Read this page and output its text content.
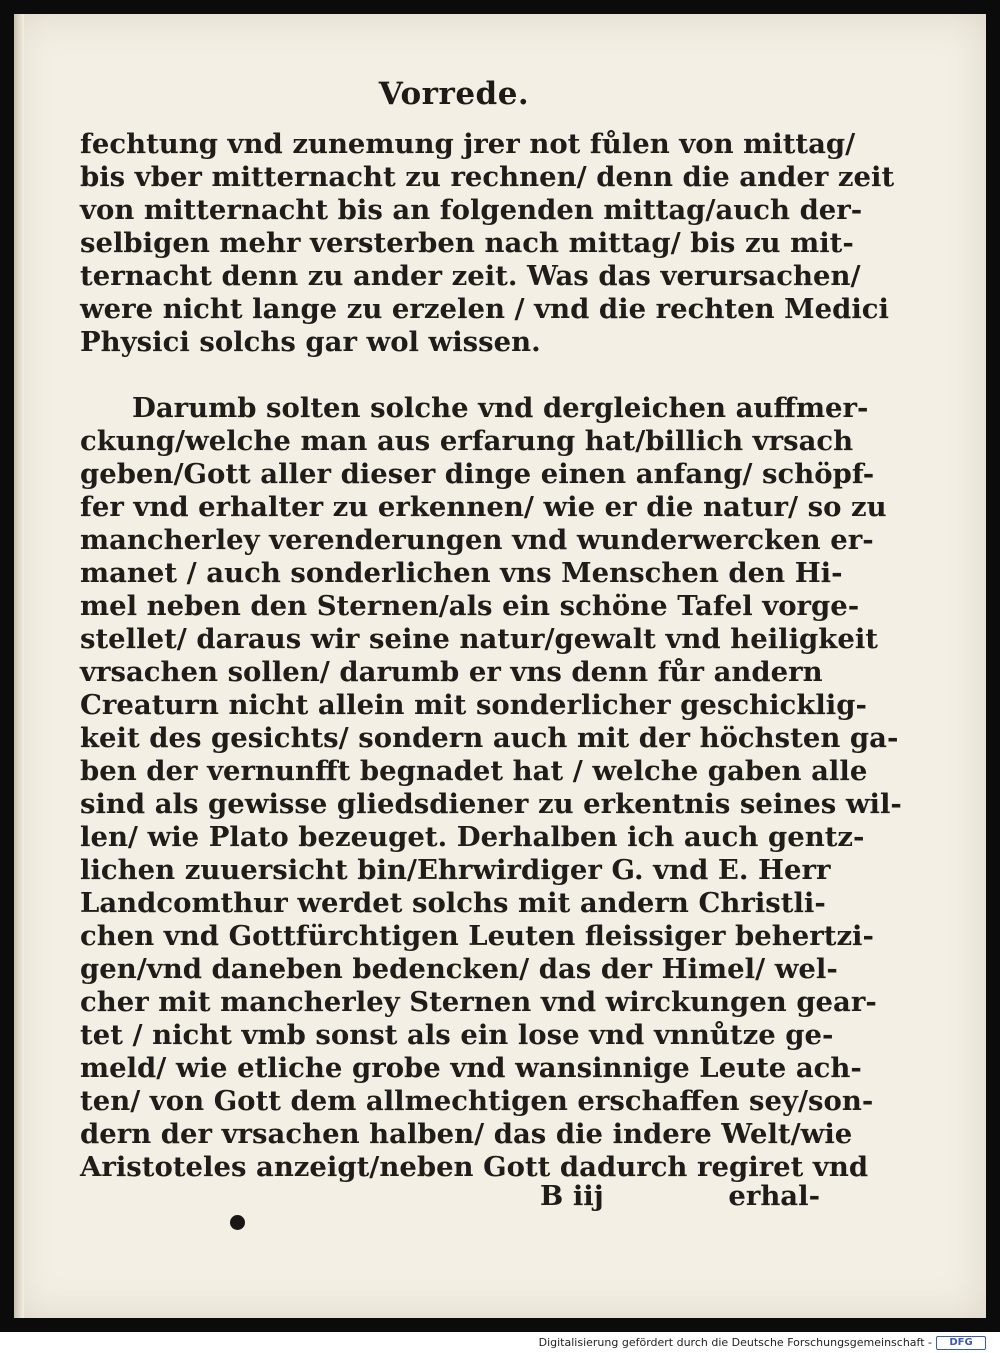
Vorrede.
fechtung vnd zunemung jrer not fůlen von mittag/
bis vber mitternacht zu rechnen/ denn die ander zeit
von mitternacht bis an folgenden mittag/auch der-
selbigen mehr versterben nach mittag/ bis zu mit-
ternacht denn zu ander zeit. Was das verursachen/
were nicht lange zu erzelen / vnd die rechten Medici
Physici solchs gar wol wissen.
Darumb solten solche vnd dergleichen auffmer-
ckung/welche man aus erfarung hat/billich vrsach
geben/Gott aller dieser dinge einen anfang/ schöpf-
fer vnd erhalter zu erkennen/ wie er die natur/ so zu
mancherley verenderungen vnd wunderwercken er-
manet / auch sonderlichen vns Menschen den Hi-
mel neben den Sternen/als ein schöne Tafel vorge-
stellet/ daraus wir seine natur/gewalt vnd heiligkeit
vrsachen sollen/ darumb er vns denn fůr andern
Creaturn nicht allein mit sonderlicher geschicklig-
keit des gesichts/ sondern auch mit der höchsten ga-
ben der vernunfft begnadet hat / welche gaben alle
sind als gewisse gliedsdiener zu erkentnis seines wil-
len/ wie Plato bezeuget. Derhalben ich auch gentz-
lichen zuuersicht bin/Ehrwirdiger G. vnd E. Herr
Landcomthur werdet solchs mit andern Christli-
chen vnd Gottfürchtigen Leuten fleissiger behertzi-
gen/vnd daneben bedencken/ das der Himel/ wel-
cher mit mancherley Sternen vnd wirckungen gear-
tet / nicht vmb sonst als ein lose vnd vnnůtze ge-
meld/ wie etliche grobe vnd wansinnige Leute ach-
ten/ von Gott dem allmechtigen erschaffen sey/son-
dern der vrsachen halben/ das die indere Welt/wie
Aristoteles anzeigt/neben Gott dadurch regiret vnd
B iij	erhal-
Digitalisierung gefördert durch die Deutsche Forschungsgemeinschaft -	DFG
